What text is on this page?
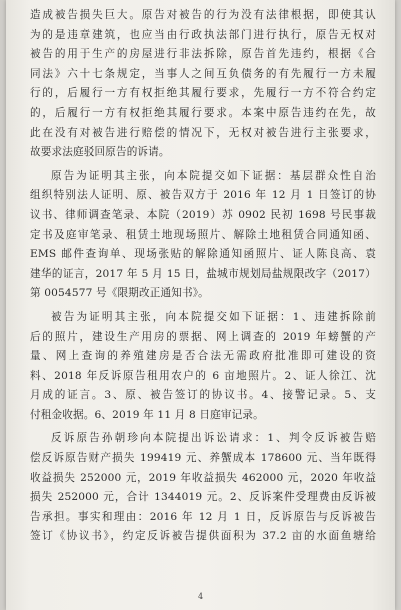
造成被告损失巨大。原告对被告的行为没有法律根据，即使其认
为的是违章建筑，也应当由行政执法部门进行执行，原告无权对
被告的用于生产的房屋进行非法拆除，原告首先违约，根据《合
同法》六十七条规定，当事人之间互负债务的有先履行一方未履
行的，后履行一方有权拒绝其履行要求，先履行一方不符合约定
的，后履行一方有权拒绝其履行要求。本案中原告违约在先，故
此在没有对被告进行赔偿的情况下，无权对被告进行主张要求，
故要求法庭驳回原告的诉请。
原告为证明其主张，向本院提交如下证据：基层群众性自治
组织特别法人证明、原、被告双方于 2016 年 12 月 1 日签订的协
议书、律师调查笔录、本院（2019）苏 0902 民初 1698 号民事裁
定书及庭审笔录、租赁土地现场照片、解除土地租赁合同通知函、
EMS 邮件查询单、现场张贴的解除通知函照片、证人陈良高、袁
建华的证言，2017 年 5 月 15 日，盐城市规划局盐规限改字（2017）
第 0054577 号《限期改正通知书》。
被告为证明其主张，向本院提交如下证据：1、违建拆除前
后的照片，建设生产用房的票据、网上调查的 2019 年螃蟹的产
量、网上查询的养殖建房是否合法无需政府批准即可建设的资
料、2018 年反诉原告租用农户的 6 亩地照片。2、证人徐江、沈
月成的证言。3、原、被告签订的协议书。4、接警记录。5、支
付租金收据。6、2019 年 11 月 8 日庭审记录。
反诉原告孙朝珍向本院提出诉讼请求：1、判令反诉被告赔
偿反诉原告财产损失 199419 元、养蟹成本 178600 元、当年既得
收益损失 252000 元，2019 年收益损失 462000 元，2020 年收益
损失 252000 元，合计 1344019 元。2、反诉案件受理费由反诉被
告承担。事实和理由：2016 年 12 月 1 日，反诉原告与反诉被告
签订《协议书》，约定反诉被告提供面积为 37.2 亩的水面鱼塘给
4
